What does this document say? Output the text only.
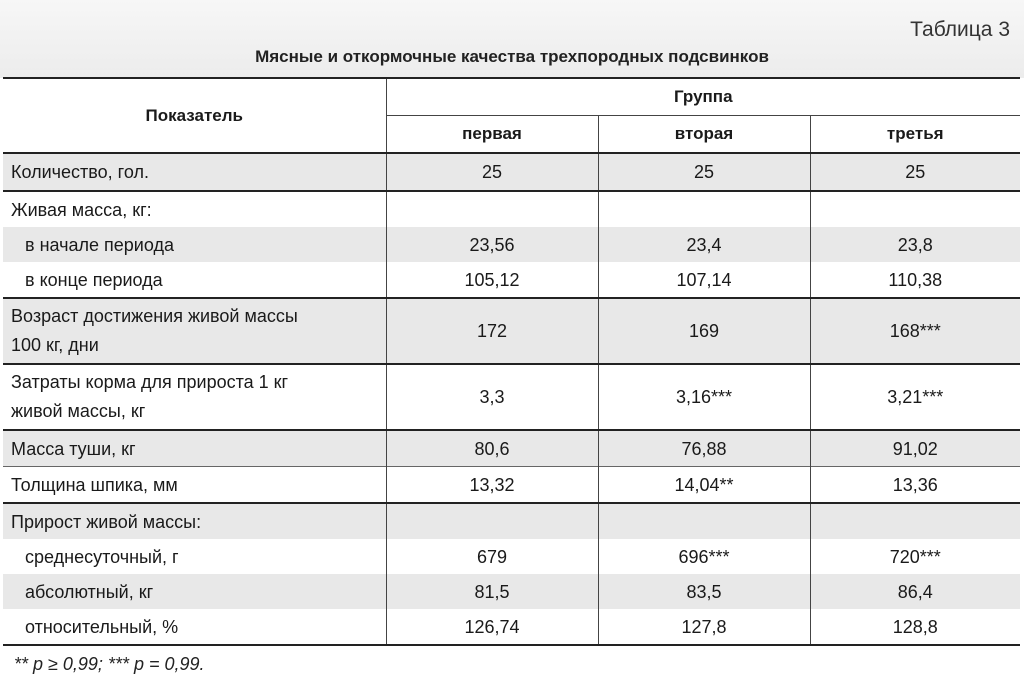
Таблица 3
Мясные и откормочные качества трехпородных подсвинков
Показатель	Группа		
	первая	вторая	третья
Количество, гол.	25	25	25
Живая масса, кг:			
в начале периода	23,56	23,4	23,8
в конце периода	105,12	107,14	110,38

Возраст достижения живой массы
100 кг, дни	172	169	168***

Затраты корма для прироста 1 кг
живой массы, кг	3,3	3,16***	3,21***
Масса туши, кг	80,6	76,88	91,02
Толщина шпика, мм	13,32	14,04**	13,36
Прирост живой массы:			
среднесуточный, г	679	696***	720***
абсолютный, кг	81,5	83,5	86,4
относительный, %	126,74	127,8	128,8
** p ≥ 0,99; *** p = 0,99.
